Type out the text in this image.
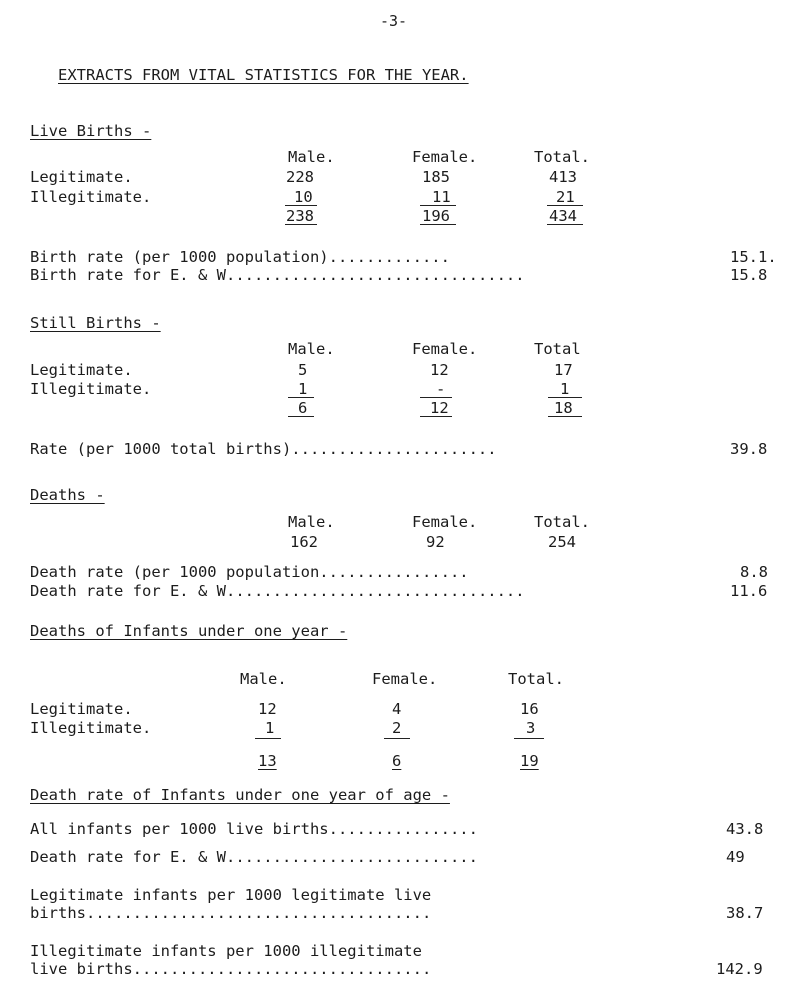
-3-
EXTRACTS FROM VITAL STATISTICS FOR THE YEAR.
Live Births -
Male.	Female.	Total.
Legitimate.	228	185	413
Illegitimate.	10	11	21
238	196	434
Birth rate (per 1000 population).............	15.1.
Birth rate for E. & W................................	15.8
Still Births -
Male.	Female.	Total
Legitimate.	5	12	17
Illegitimate.	1	-	1
6	12	18
Rate (per 1000 total births)......................	39.8
Deaths -
Male.	Female.	Total.
162	92	254
Death rate (per 1000 population................	8.8
Death rate for E. & W................................	11.6
Deaths of Infants under one year -
Male.	Female.	Total.
Legitimate.	12	4	16
Illegitimate.	1	2	3
13	6	19
Death rate of Infants under one year of age -
All infants per 1000 live births................	43.8
Death rate for E. & W...........................	49
Legitimate infants per 1000 legitimate live
births.....................................	38.7
Illegitimate infants per 1000 illegitimate
live births................................	142.9
